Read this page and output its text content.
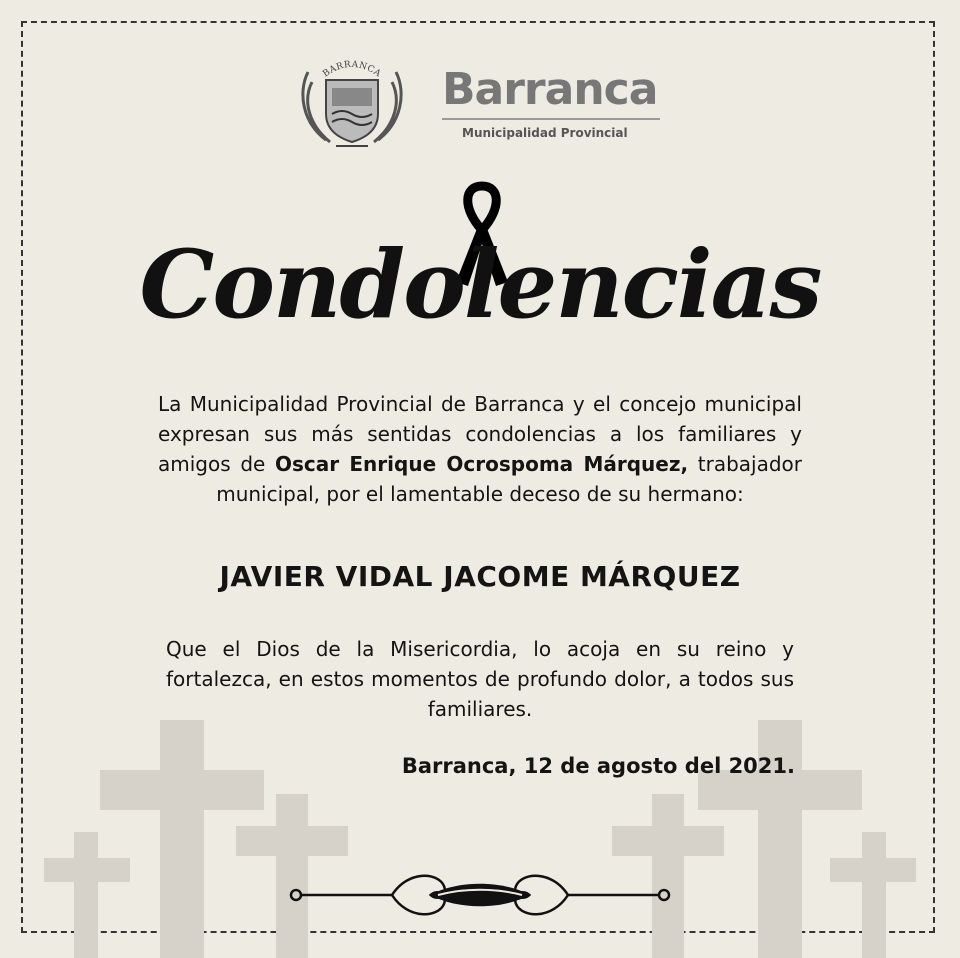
BARRANCA Barranca
Municipalidad Provincial
Condolencias
La Municipalidad Provincial de Barranca y el concejo municipal expresan sus más sentidas condolencias a los familiares y amigos de Oscar Enrique Ocrospoma Márquez, trabajador municipal, por el lamentable deceso de su hermano:
JAVIER VIDAL JACOME MÁRQUEZ
Que el Dios de la Misericordia, lo acoja en su reino y fortalezca, en estos momentos de profundo dolor, a todos sus familiares.
Barranca, 12 de agosto del 2021.
